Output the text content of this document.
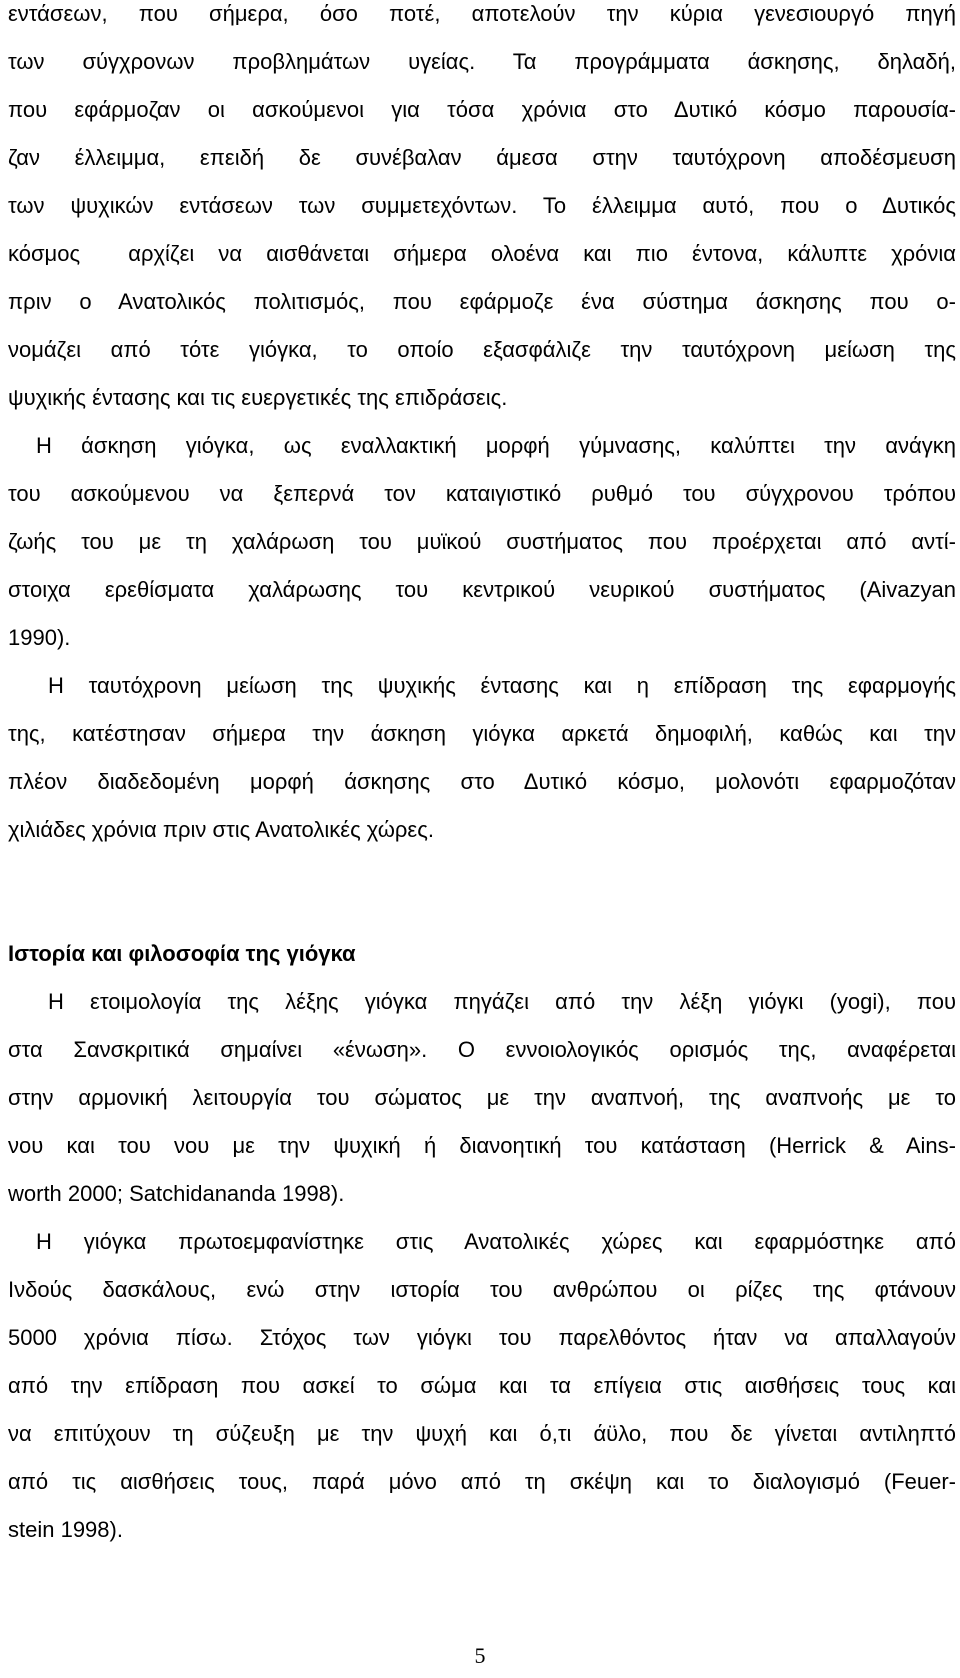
εντάσεων, που σήμερα, όσο ποτέ, αποτελούν την κύρια γενεσιουργό πηγή
των σύγχρονων προβλημάτων υγείας. Τα προγράμματα άσκησης, δηλαδή,
που εφάρμοζαν οι ασκούμενοι για τόσα χρόνια στο Δυτικό κόσμο παρουσία-
ζαν έλλειμμα, επειδή δε συνέβαλαν άμεσα στην ταυτόχρονη αποδέσμευση
των ψυχικών εντάσεων των συμμετεχόντων. Το έλλειμμα αυτό, που ο Δυτικός
κόσμος  αρχίζει να αισθάνεται σήμερα ολοένα και πιο έντονα, κάλυπτε χρόνια
πριν ο Ανατολικός πολιτισμός, που εφάρμοζε ένα σύστημα άσκησης που ο-
νομάζει από τότε γιόγκα, το οποίο εξασφάλιζε την ταυτόχρονη μείωση της
ψυχικής έντασης και τις ευεργετικές της επιδράσεις.
Η άσκηση γιόγκα, ως εναλλακτική μορφή γύμνασης, καλύπτει την ανάγκη
του ασκούμενου να ξεπερνά τον καταιγιστικό ρυθμό του σύγχρονου τρόπου
ζωής του με τη χαλάρωση του μυϊκού συστήματος που προέρχεται από αντί-
στοιχα ερεθίσματα χαλάρωσης του κεντρικού νευρικού συστήματος (Aivazyan
1990).
Η ταυτόχρονη μείωση της ψυχικής έντασης και η επίδραση της εφαρμογής
της, κατέστησαν σήμερα την άσκηση γιόγκα αρκετά δημοφιλή, καθώς και την
πλέον διαδεδομένη μορφή άσκησης στο Δυτικό κόσμο, μολονότι εφαρμοζόταν
χιλιάδες χρόνια πριν στις Ανατολικές χώρες.
Ιστορία και φιλοσοφία της γιόγκα
Η ετοιμολογία της λέξης γιόγκα πηγάζει από την λέξη γιόγκι (yogi), που
στα Σανσκριτικά σημαίνει «ένωση». Ο εννοιολογικός ορισμός της, αναφέρεται
στην αρμονική λειτουργία του σώματος με την αναπνοή, της αναπνοής με το
νου και του νου με την ψυχική ή διανοητική του κατάσταση (Herrick & Ains-
worth 2000; Satchidananda 1998).
Η γιόγκα πρωτοεμφανίστηκε στις Ανατολικές χώρες και εφαρμόστηκε από
Ινδούς δασκάλους, ενώ στην ιστορία του ανθρώπου οι ρίζες της φτάνουν
5000 χρόνια πίσω. Στόχος των γιόγκι του παρελθόντος ήταν να απαλλαγούν
από την επίδραση που ασκεί το σώμα και τα επίγεια στις αισθήσεις τους και
να επιτύχουν τη σύζευξη με την ψυχή και ό,τι άϋλο, που δε γίνεται αντιληπτό
από τις αισθήσεις τους, παρά μόνο από τη σκέψη και το διαλογισμό (Feuer-
stein 1998).
5
